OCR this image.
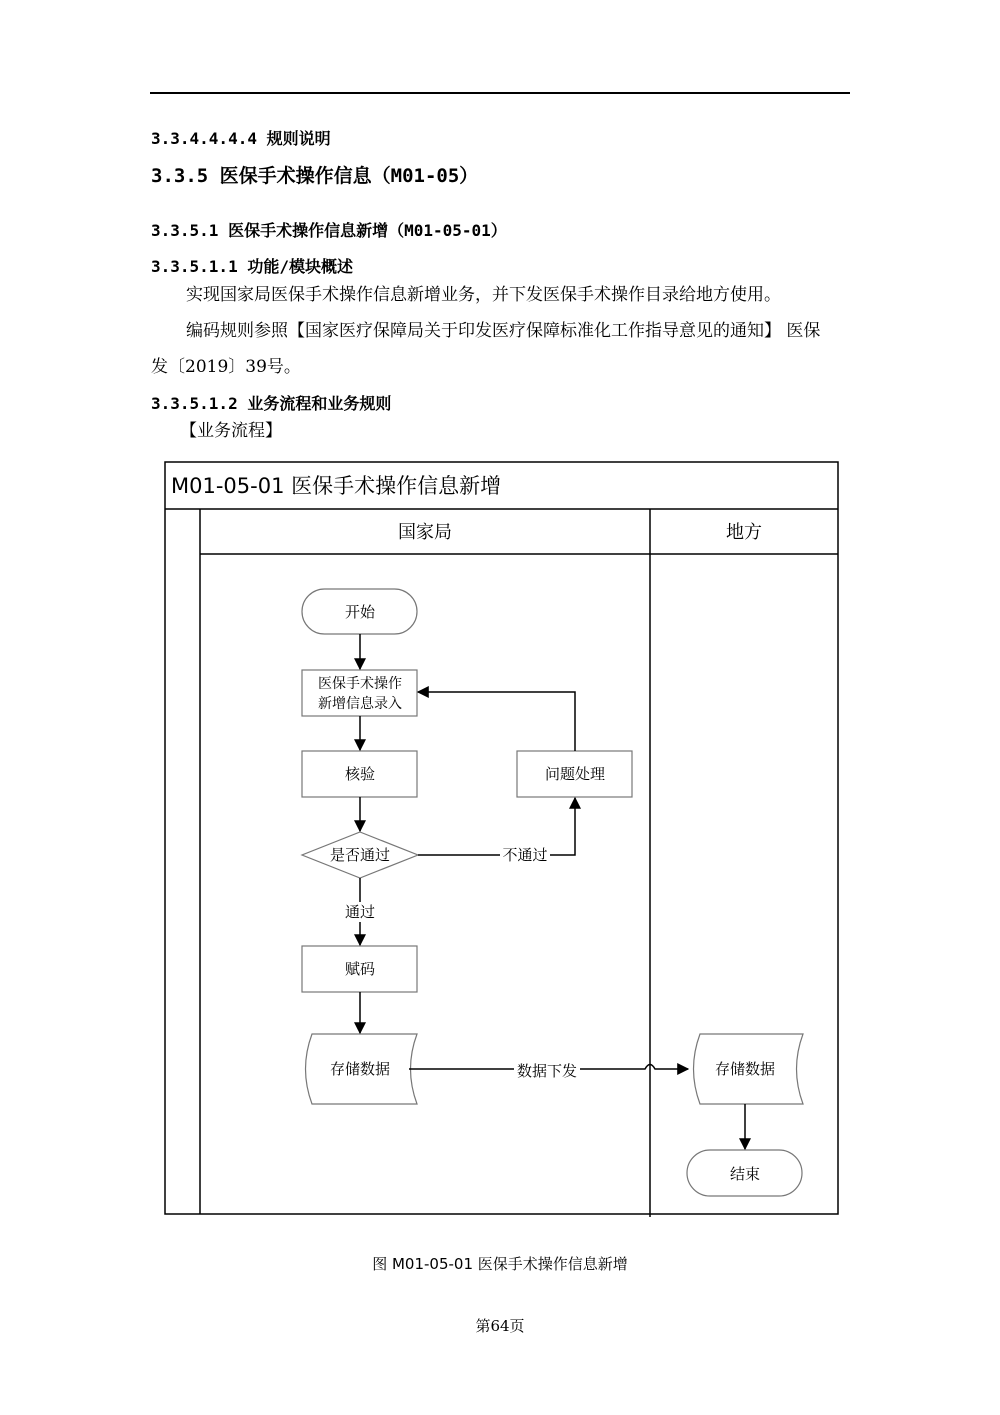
3.3.4.4.4.4 规则说明
3.3.5 医保手术操作信息（M01-05）
3.3.5.1 医保手术操作信息新增（M01-05-01）
3.3.5.1.1 功能/模块概述
实现国家局医保手术操作信息新增业务，并下发医保手术操作目录给地方使用。
编码规则参照【国家医疗保障局关于印发医疗保障标准化工作指导意见的通知】 医保
发〔2019〕39号。
3.3.5.1.2 业务流程和业务规则
【业务流程】
M01-05-01 医保手术操作信息新增
国家局	地方
开始
医保手术操作
新增信息录入
核验	问题处理
是否通过
赋码
存储数据	存储数据
结束
不通过
通过
数据下发
图 M01-05-01 医保手术操作信息新增
第64页
